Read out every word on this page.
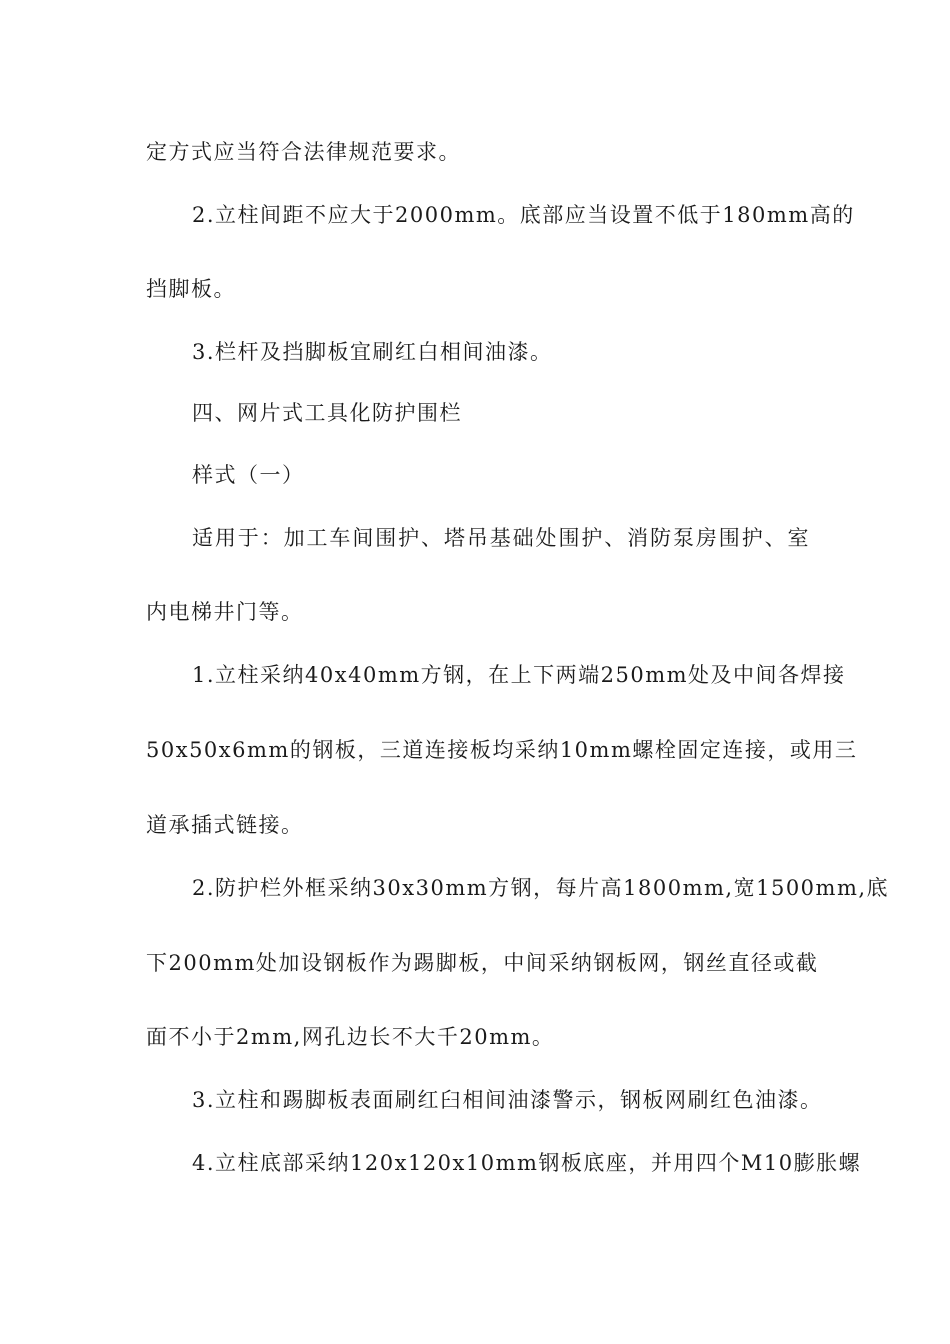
定方式应当符合法律规范要求。
2.立柱间距不应大于2000mm。底部应当设置不低于180mm高的
挡脚板。
3.栏杆及挡脚板宜刷红白相间油漆。
四、网片式工具化防护围栏
样式（一）
适用于：加工车间围护、塔吊基础处围护、消防泵房围护、室
内电梯井门等。
1.立柱采纳40x40mm方钢，在上下两端250mm处及中间各焊接
50x50x6mm的钢板，三道连接板均采纳10mm螺栓固定连接，或用三
道承插式链接。
2.防护栏外框采纳30x30mm方钢，每片高1800mm,宽1500mm,底
下200mm处加设钢板作为踢脚板，中间采纳钢板网，钢丝直径或截
面不小于2mm,网孔边长不大千20mm。
3.立柱和踢脚板表面刷红臼相间油漆警示，钢板网刷红色油漆。
4.立柱底部采纳120x120x10mm钢板底座，并用四个M10膨胀螺
